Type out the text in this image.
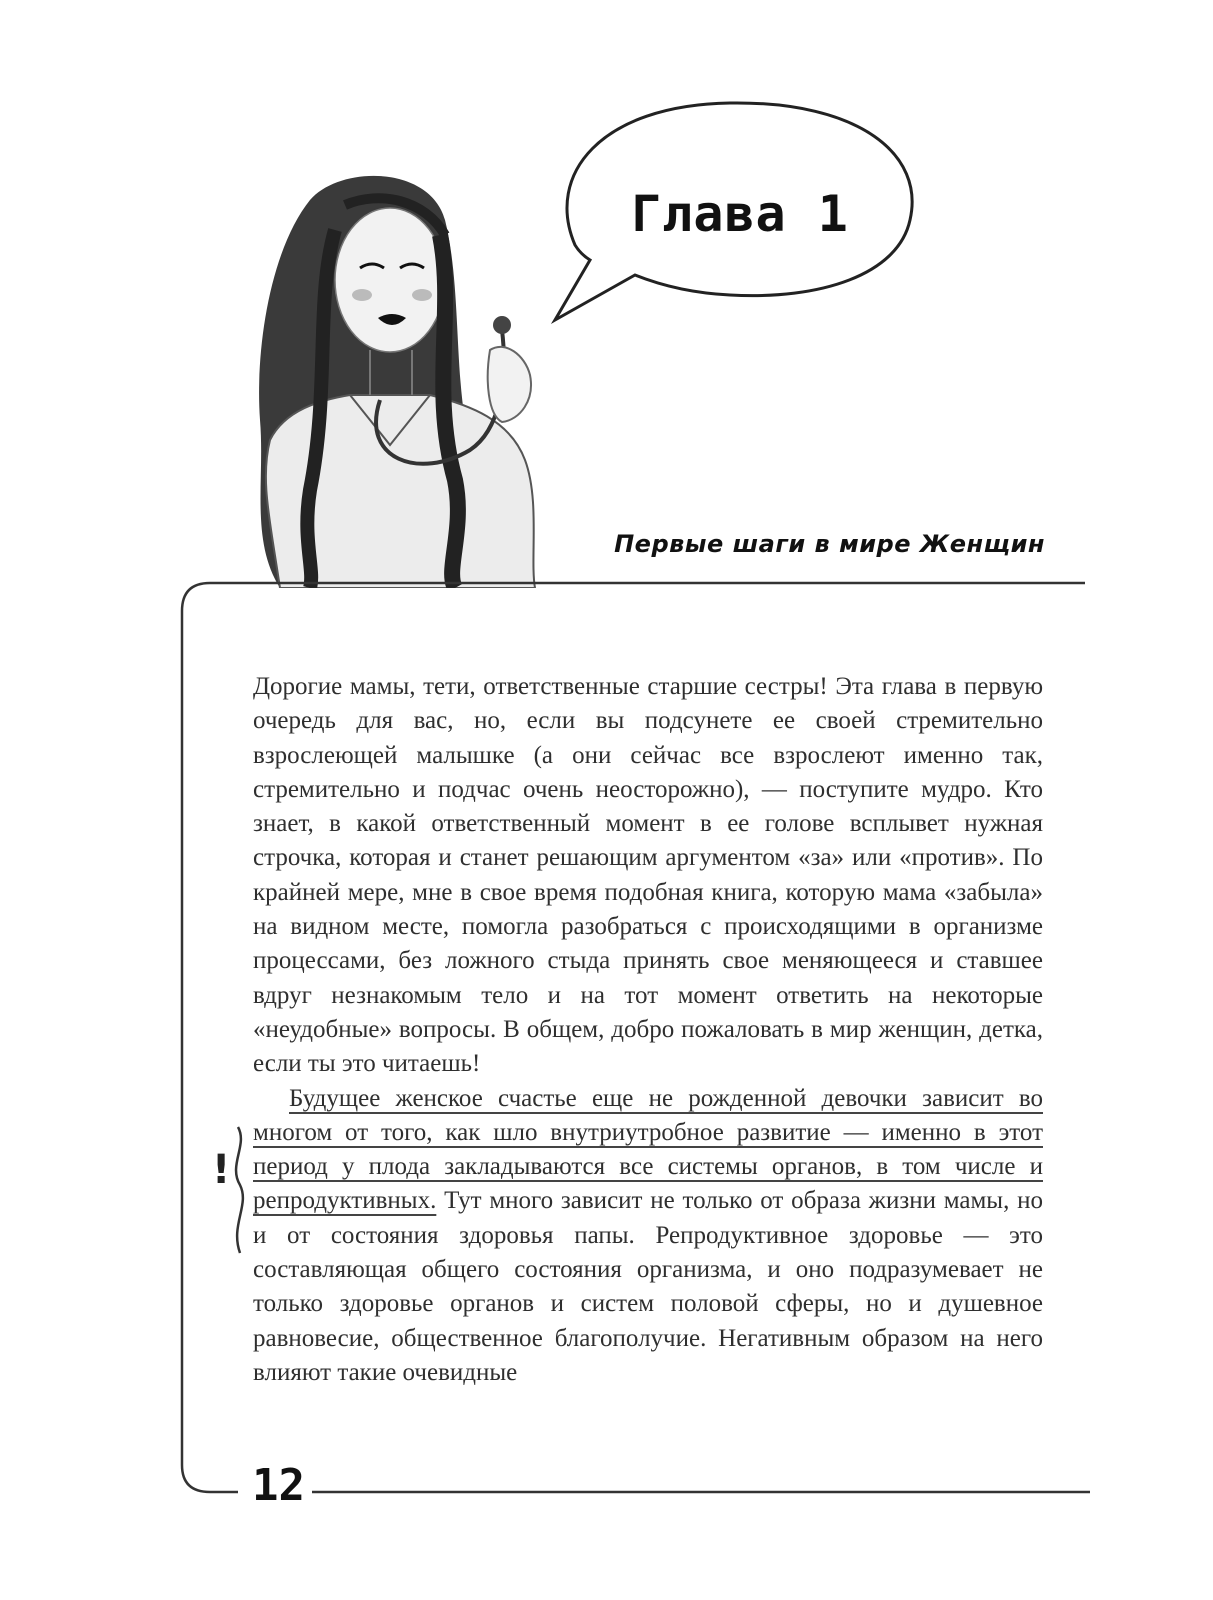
Глава 1
Первые шаги в мире Женщин

Дорогие мамы, тети, ответственные старшие сестры! Эта глава в первую очередь для вас, но, если вы подсунете ее своей стремительно взрослеющей малышке (а они сейчас все взрослеют именно так, стремительно и подчас очень неосторожно), — поступите мудро. Кто знает, в какой ответственный момент в ее голове всплывет нужная строчка, которая и станет решающим аргументом «за» или «против». По крайней мере, мне в свое время подобная книга, которую мама «забыла» на видном месте, помогла разобраться с происходящими в организме процессами, без ложного стыда принять свое меняющееся и ставшее вдруг незнакомым тело и на тот момент ответить на некоторые «неудобные» вопросы. В общем, добро пожаловать в мир женщин, детка, если ты это читаешь!

Будущее женское счастье еще не рожденной девочки зависит во многом от того, как шло внутриутробное развитие — именно в этот период у плода закладываются все системы органов, в том числе и репродуктивных. Тут много зависит не только от образа жизни мамы, но и от состояния здоровья папы. Репродуктивное здоровье — это составляющая общего состояния организма, и оно подразумевает не только здоровье органов и систем половой сферы, но и душевное равновесие, общественное благополучие. Негативным образом на него влияют такие очевидные

!
12
